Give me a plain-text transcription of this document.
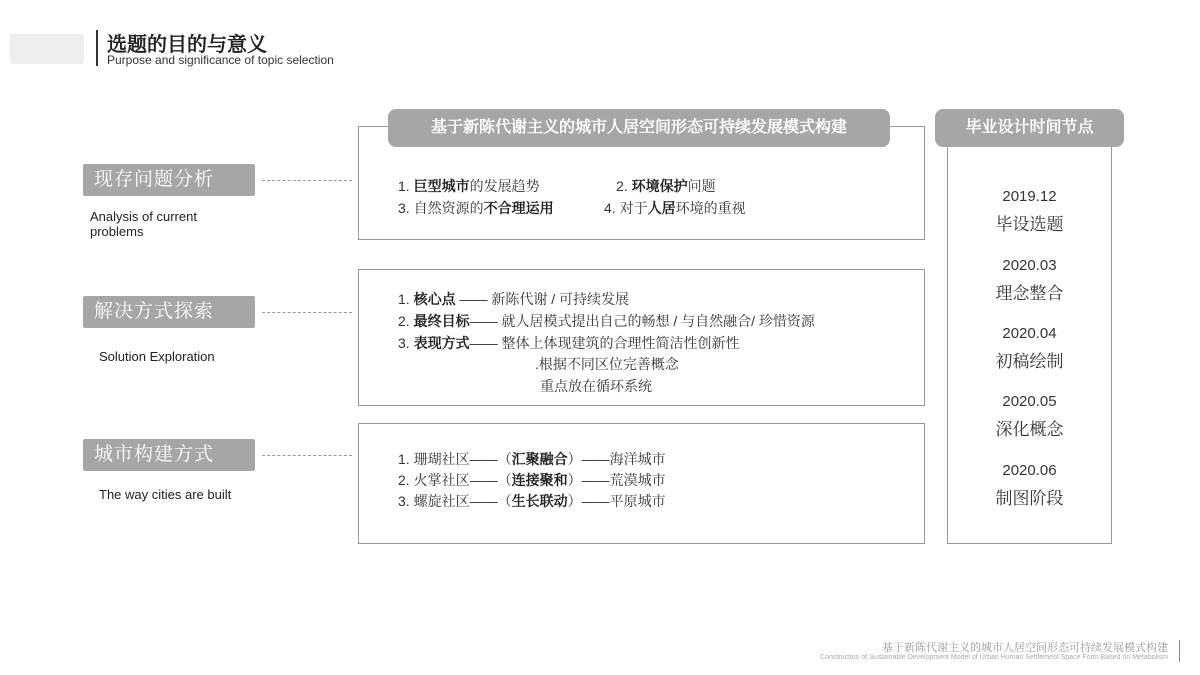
选题的目的与意义
Purpose and significance of topic selection
现存问题分析
Analysis of current problems
解决方式探索
Solution Exploration
城市构建方式
The way cities are built
基于新陈代谢主义的城市人居空间形态可持续发展模式构建
1. 巨型城市的发展趋势	2. 环境保护问题
3. 自然资源的不合理运用	4. 对于人居环境的重视
1. 核心点 —— 新陈代谢 / 可持续发展
2. 最终目标—— 就人居模式提出自己的畅想 / 与自然融合/ 珍惜资源
3. 表现方式—— 整体上体现建筑的合理性简洁性创新性
.根据不同区位完善概念
重点放在循环系统
1. 珊瑚社区——（汇聚融合）——海洋城市
2. 火掌社区——（连接聚和）——荒漠城市
3. 螺旋社区——（生长联动）——平原城市
毕业设计时间节点
2019.12
毕设选题
2020.03
理念整合
2020.04
初稿绘制
2020.05
深化概念
2020.06
制图阶段
基于新陈代谢主义的城市人居空间形态可持续发展模式构建
Construction of Sustainable Development Model of Urban Human Settlement Space Form Based on Metabolism
